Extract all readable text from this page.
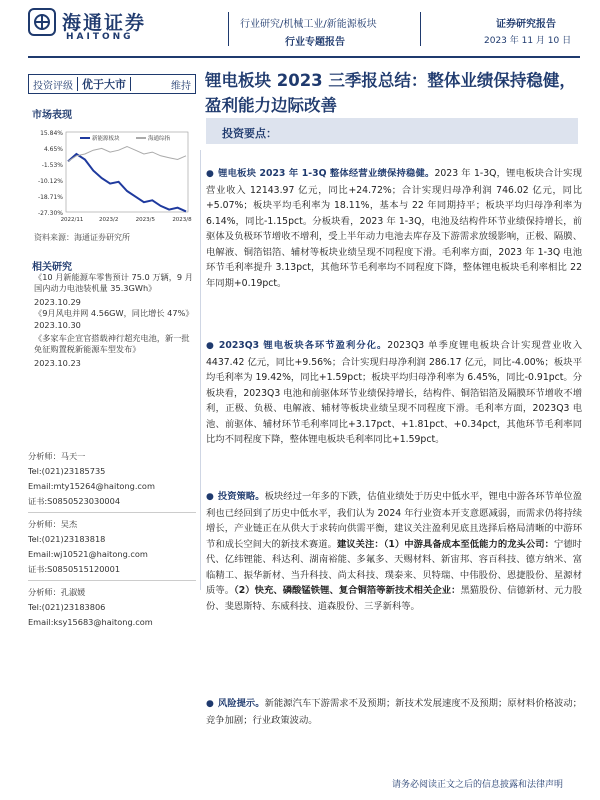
海通证券
HAITONG
行业研究/机械工业/新能源板块
行业专题报告
证券研究报告
2023 年 11 月 10 日
投资评级 优于大市	维持 锂电板块 2023 三季报总结：整体业绩保持稳健，盈利能力边际改善
市场表现
15.84%
4.65%
-1.53%
-10.12%
-18.71%
-27.30%
2022/11	2023/2	2023/5	2023/8
新能源板块	海通综指
资料来源：海通证券研究所
相关研究
《10 月新能源车零售预计 75.0 万辆，9 月国内动力电池装机量 35.3GWh》
2023.10.29
《9月风电并网 4.56GW，同比增长 47%》
2023.10.30
《多家车企宣官搭载神行超充电池，新一批免征购置税新能源车型发布》
2023.10.23
分析师：马天一
Tel:(021)23185735
Email:mty15264@haitong.com
证书:S0850523030004
分析师：吴杰
Tel:(021)23183818
Email:wj10521@haitong.com
证书:S0850515120001
分析师：孔淑媛
Tel:(021)23183806
Email:ksy15683@haitong.com
投资要点：
● 锂电板块 2023 年 1-3Q 整体经营业绩保持稳健。2023 年 1-3Q，锂电板块合计实现营业收入 12143.97 亿元，同比+24.72%；合计实现归母净利润 746.02 亿元，同比+5.07%；板块平均毛利率为 18.11%，基本与 22 年同期持平；板块平均归母净利率为 6.14%，同比-1.15pct。分板块看，2023 年 1-3Q，电池及结构件环节业绩保持增长，前驱体及负极环节增收不增利，受上半年动力电池去库存及下游需求放缓影响，正极、隔膜、电解液、铜箔铝箔、辅材等板块业绩呈现不同程度下滑。毛利率方面，2023 年 1-3Q 电池环节毛利率提升 3.13pct，其他环节毛利率均不同程度下降，整体锂电板块毛利率相比 22 年同期+0.19pct。
● 2023Q3 锂电板块各环节盈利分化。2023Q3 单季度锂电板块合计实现营业收入 4437.42 亿元，同比+9.56%；合计实现归母净利润 286.17 亿元，同比-4.00%；板块平均毛利率为 19.42%，同比+1.59pct；板块平均归母净利率为 6.45%，同比-0.91pct。分板块看，2023Q3 电池和前驱体环节业绩保持增长，结构件、铜箔铝箔及隔膜环节增收不增利，正极、负极、电解液、辅材等板块业绩呈现不同程度下滑。毛利率方面，2023Q3 电池、前驱体、辅材环节毛利率同比+3.17pct、+1.81pct、+0.34pct，其他环节毛利率同比均不同程度下降，整体锂电板块毛利率同比+1.59pct。
● 投资策略。板块经过一年多的下跌，估值业绩处于历史中低水平，锂电中游各环节单位盈利也已经回到了历史中低水平，我们认为 2024 年行业资本开支意愿减弱，而需求仍将持续增长，产业链正在从供大于求转向供需平衡，建议关注盈利见底且选择后格局清晰的中游环节和成长空间大的新技术赛道。建议关注：（1）中游具备成本至低能力的龙头公司：宁德时代、亿纬锂能、科达利、湖南裕能、多氟多、天赐材料、新宙邦、容百科技、德方纳米、富临精工、振华新材、当升科技、尚太科技、璞泰来、贝特瑞、中伟股份、恩捷股份、星源材质等。（2）快充、磷酸锰铁锂、复合铜箔等新技术相关企业：黑猫股份、信德新材、元力股份、斐恩斯特、东威科技、道森股份、三孚新科等。
● 风险提示。新能源汽车下游需求不及预期；新技术发展速度不及预期；原材料价格波动；竞争加剧；行业政策波动。
请务必阅读正文之后的信息披露和法律声明
